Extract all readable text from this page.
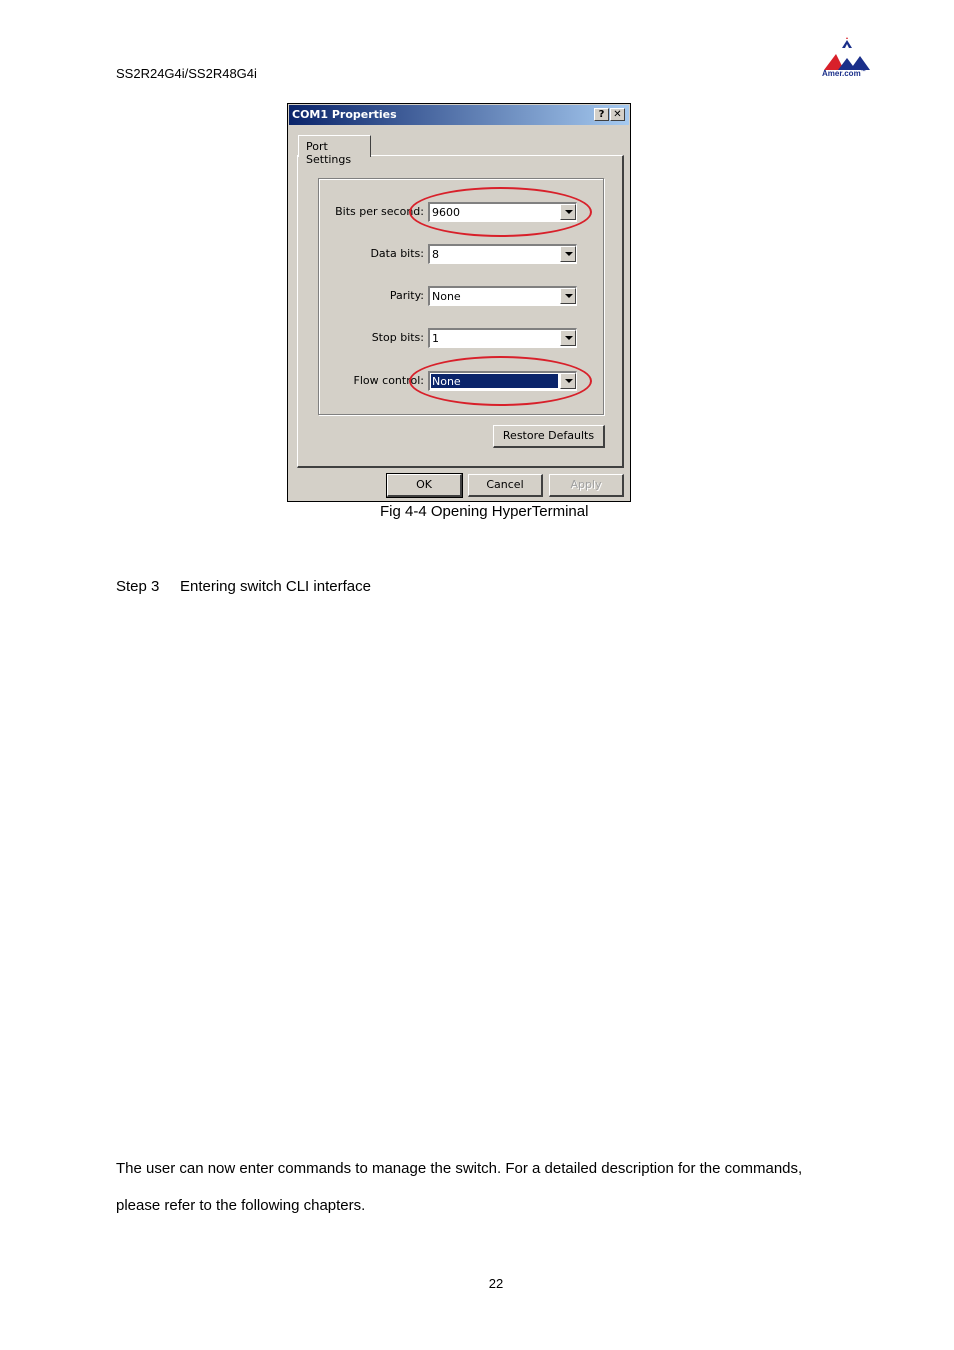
SS2R24G4i/SS2R48G4i	Amer.com™
COM1 Properties	? ✕
Port Settings
Bits per second: 9600
Data bits: 8
Parity: None
Stop bits: 1
Flow control: None
Restore Defaults
OK	Cancel	Apply
Fig 4-4 Opening HyperTerminal
Step 3 Entering switch CLI interface
The user can now enter commands to manage the switch. For a detailed description for the commands,
please refer to the following chapters.
22
